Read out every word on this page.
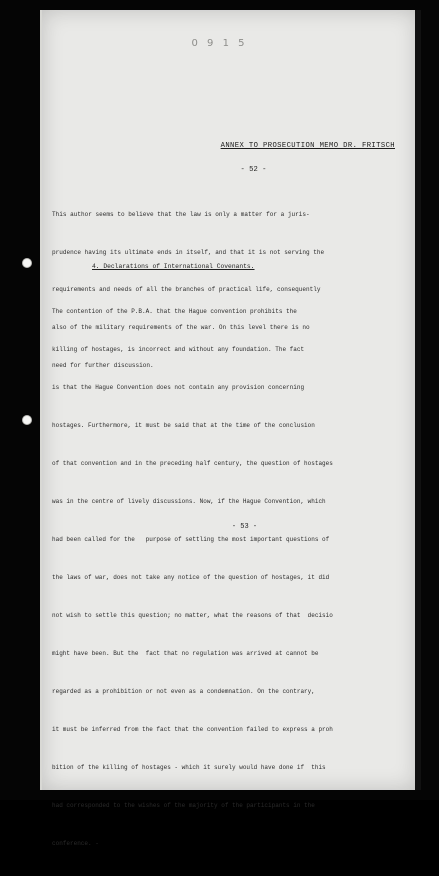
0 9 1 5
ANNEX TO PROSECUTION MEMO DR. FRITSCH
- 52 -

This author seems to believe that the law is only a matter for a juris-

prudence having its ultimate ends in itself, and that it is not serving the

requirements and needs of all the branches of practical life, consequently

also of the military requirements of the war. On this level there is no

need for further discussion.

4. Declarations of International Covenants.

The contention of the P.B.A. that the Hague convention prohibits the

killing of hostages, is incorrect and without any foundation. The fact

is that the Hague Convention does not contain any provision concerning

hostages. Furthermore, it must be said that at the time of the conclusion

of that convention and in the preceding half century, the question of hostages

was in the centre of lively discussions. Now, if the Hague Convention, which

had been called for the   purpose of settling the most important questions of

the laws of war, does not take any notice of the question of hostages, it did

not wish to settle this question; no matter, what the reasons of that  decisio

might have been. But the  fact that no regulation was arrived at cannot be

regarded as a prohibition or not even as a condemnation. On the contrary,

it must be inferred from the fact that the convention failed to express a proh

bition of the killing of hostages - which it surely would have done if  this

had corresponded to the wishes of the majority of the participants in the

conference. -

- 53 -
